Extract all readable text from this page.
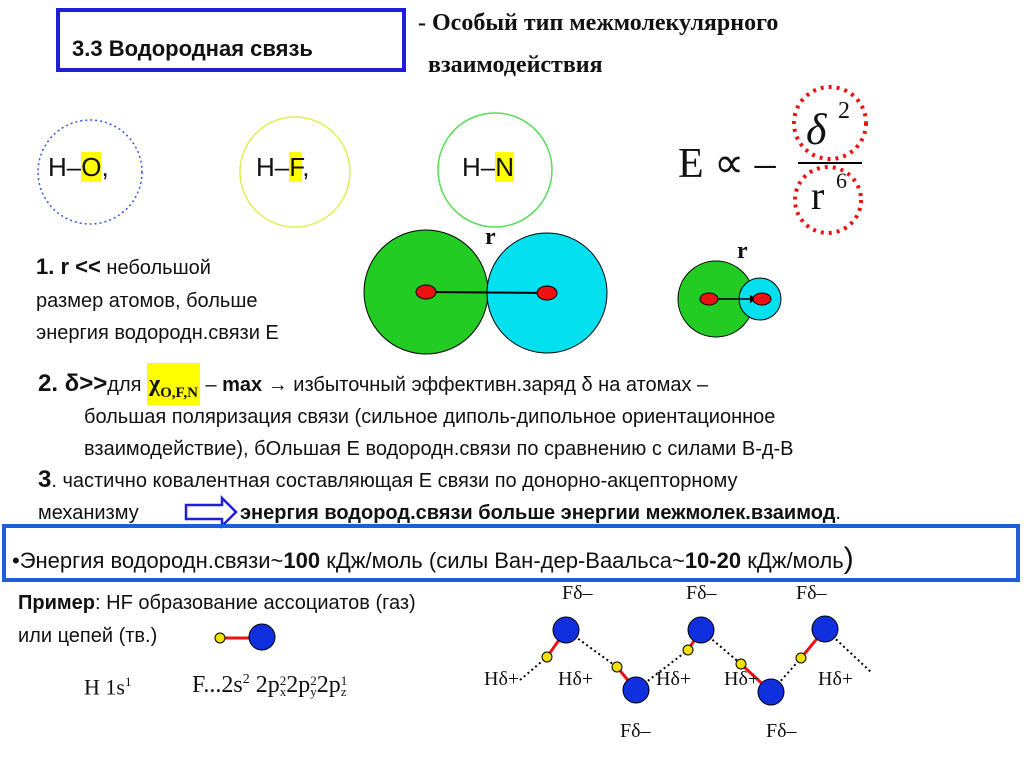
3.3 Водородная связь
- Особый тип межмолекулярного
взаимодействия
H–O,	H–F,	H–N	E ∝ –
δ 2
r 6
r
r
1. r << небольшой
размер атомов, больше
энергия водородн.связи E
2. δ>>для $\chi_{O,F,N}$ – max → избыточный эффективн.заряд δ на атомах –
большая поляризация связи (сильное диполь-дипольное ориентационное
взаимодействие), бОльшая E водородн.связи по сравнению с силами В-д-В
3. частично ковалентная составляющая E связи по донорно-акцепторному
механизму	энергия водород.связи больше энергии межмолек.взаимод.
•Энергия водородн.связи~100 кДж/моль (силы Ван-дер-Ваальса~10-20 кДж/моль)
Пример: HF образование ассоциатов (газ)
или цепей (тв.)
H $1s^1$	$F...2s^2$ 2p2
x2p2
y2p1
z
Fδ–	Fδ–	Fδ–
Hδ+ Hδ+	Hδ+ Hδ+	Hδ+
Fδ–	Fδ–
